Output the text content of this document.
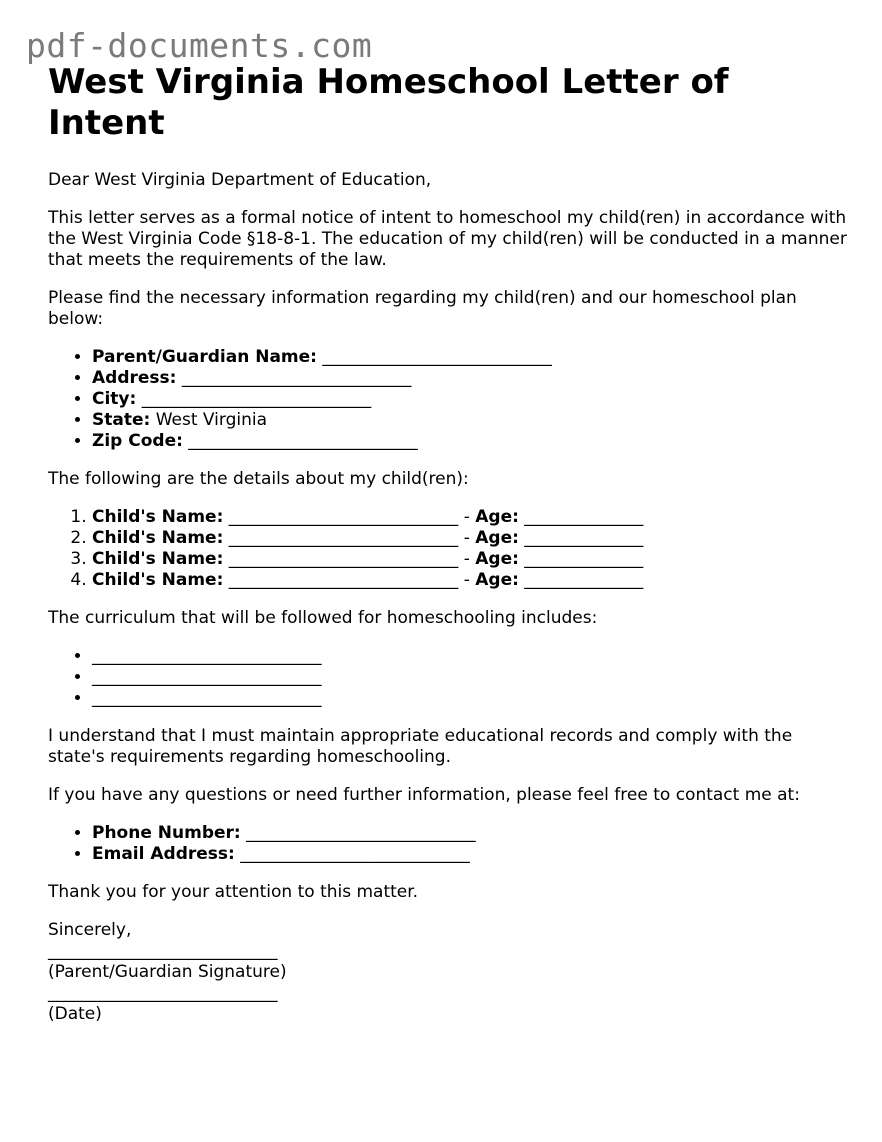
pdf-documents.com
West Virginia Homeschool Letter of Intent

Dear West Virginia Department of Education,

This letter serves as a formal notice of intent to homeschool my child(ren) in accordance with the West Virginia Code §18-8-1. The education of my child(ren) will be conducted in a manner that meets the requirements of the law.

Please find the necessary information regarding my child(ren) and our homeschool plan below:

• Parent/Guardian Name: ___________________________
• Address: ___________________________
• City: ___________________________
• State: West Virginia
• Zip Code: ___________________________

The following are the details about my child(ren):

1. Child's Name: ___________________________ - Age: ______________
2. Child's Name: ___________________________ - Age: ______________
3. Child's Name: ___________________________ - Age: ______________
4. Child's Name: ___________________________ - Age: ______________

The curriculum that will be followed for homeschooling includes:

• ___________________________
• ___________________________
• ___________________________

I understand that I must maintain appropriate educational records and comply with the state's requirements regarding homeschooling.

If you have any questions or need further information, please feel free to contact me at:

• Phone Number: ___________________________
• Email Address: ___________________________

Thank you for your attention to this matter.

Sincerely,

___________________________

(Parent/Guardian Signature)

___________________________

(Date)
